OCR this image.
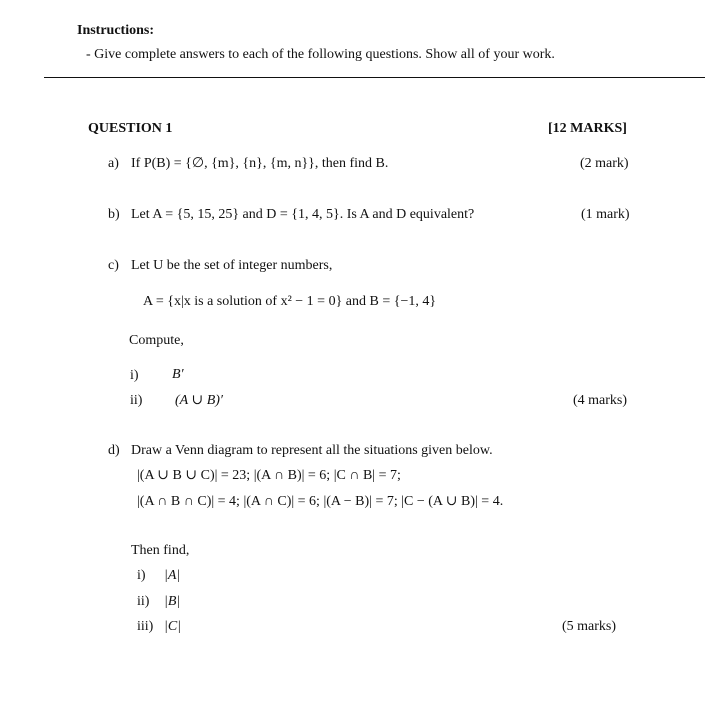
Instructions:
- Give complete answers to each of the following questions. Show all of your work.
QUESTION 1	[12 MARKS]
a) If P(B) = {∅, {m}, {n}, {m, n}}, then find B.	(2 mark)
b) Let A = {5, 15, 25} and D = {1, 4, 5}. Is A and D equivalent?	(1 mark)
c) Let U be the set of integer numbers,
A = {x|x is a solution of x² − 1 = 0} and B = {−1, 4}
Compute,
i) B′
ii) (A ∪ B)′	(4 marks)
d) Draw a Venn diagram to represent all the situations given below.
|(A ∪ B ∪ C)| = 23; |(A ∩ B)| = 6; |C ∩ B| = 7;
|(A ∩ B ∩ C)| = 4; |(A ∩ C)| = 6; |(A − B)| = 7; |C − (A ∪ B)| = 4.
Then find,
i) |A|
ii) |B|
iii) |C|	(5 marks)
